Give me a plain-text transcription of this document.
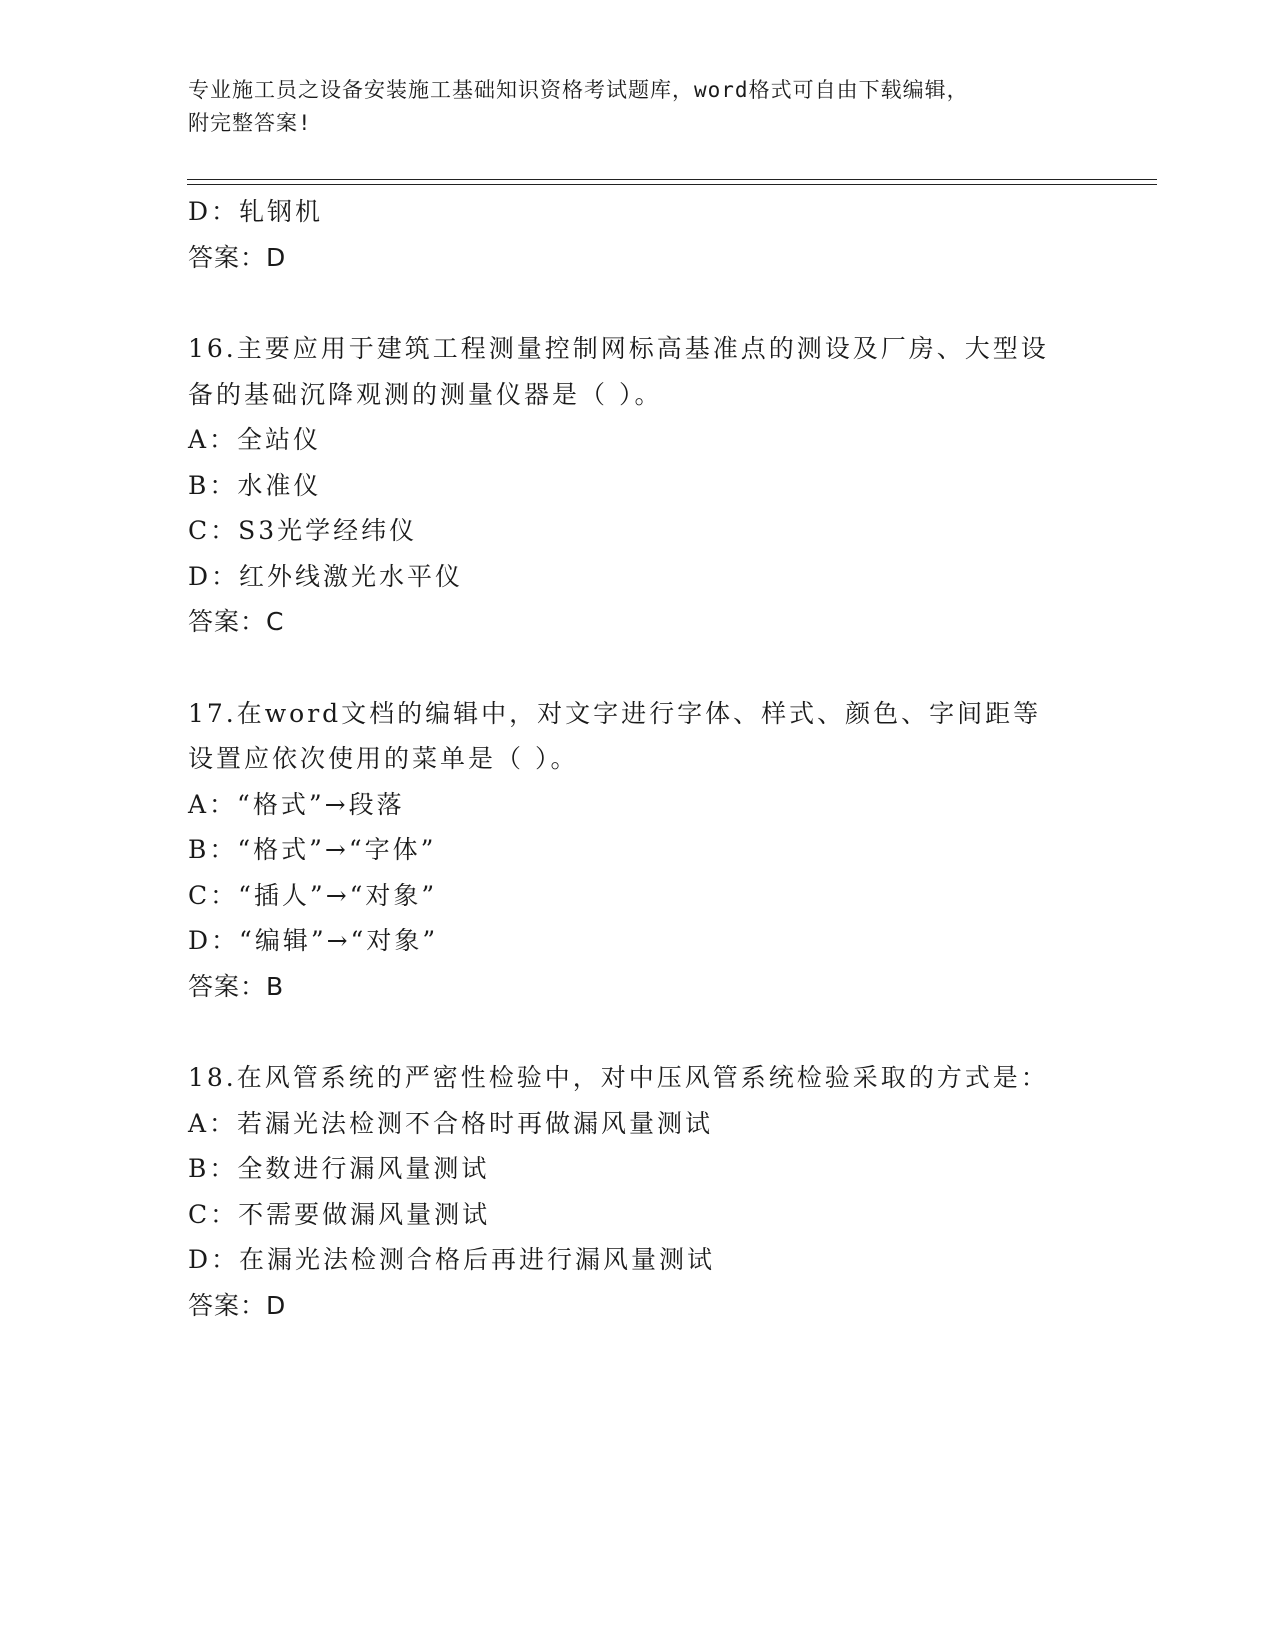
专业施工员之设备安装施工基础知识资格考试题库，word格式可自由下载编辑，
附完整答案!
D：轧钢机
答案：D
16.主要应用于建筑工程测量控制网标高基准点的测设及厂房、大型设
备的基础沉降观测的测量仪器是（ ）。
A：全站仪
B：水准仪
C：S3光学经纬仪
D：红外线激光水平仪
答案：C
17.在word文档的编辑中，对文字进行字体、样式、颜色、字间距等
设置应依次使用的菜单是（ ）。
A：“格式”→段落
B：“格式”→“字体”
C：“插人”→“对象”
D：“编辑”→“对象”
答案：B
18.在风管系统的严密性检验中，对中压风管系统检验采取的方式是：
A：若漏光法检测不合格时再做漏风量测试
B：全数进行漏风量测试
C：不需要做漏风量测试
D：在漏光法检测合格后再进行漏风量测试
答案：D
